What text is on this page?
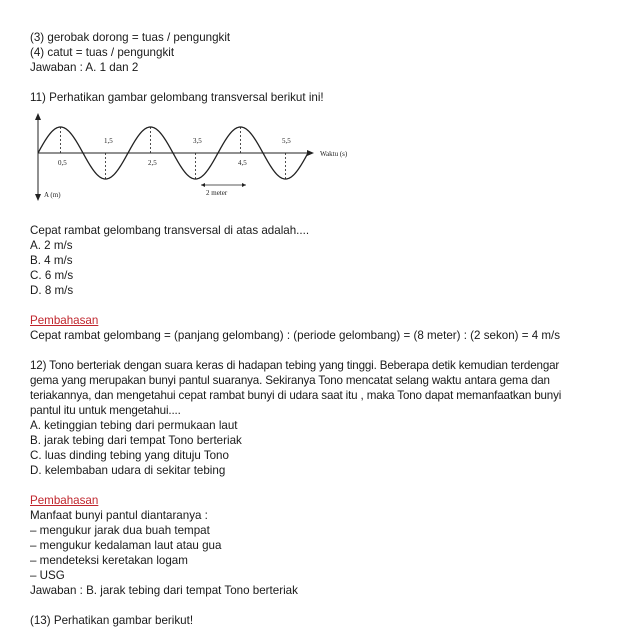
(3) gerobak dorong = tuas / pengungkit
(4) catut = tuas / pengungkit
Jawaban : A. 1 dan 2
11) Perhatikan gambar gelombang transversal berikut ini!
0,5
1,5
2,5
3,5
4,5
5,5
Waktu (s)
A (m)	2 meter
Cepat rambat gelombang transversal di atas adalah....
A. 2 m/s
B. 4 m/s
C. 6 m/s
D. 8 m/s
Pembahasan
Cepat rambat gelombang = (panjang gelombang) : (periode gelombang) = (8 meter) : (2 sekon) = 4 m/s
12) Tono berteriak dengan suara keras di hadapan tebing yang tinggi. Beberapa detik kemudian terdengar
gema yang merupakan bunyi pantul suaranya. Sekiranya Tono mencatat selang waktu antara gema dan
teriakannya, dan mengetahui cepat rambat bunyi di udara saat itu , maka Tono dapat memanfaatkan bunyi
pantul itu untuk mengetahui....
A. ketinggian tebing dari permukaan laut
B. jarak tebing dari tempat Tono berteriak
C. luas dinding tebing yang dituju Tono
D. kelembaban udara di sekitar tebing
Pembahasan
Manfaat bunyi pantul diantaranya :
– mengukur jarak dua buah tempat
– mengukur kedalaman laut atau gua
– mendeteksi keretakan logam
– USG
Jawaban : B. jarak tebing dari tempat Tono berteriak
(13) Perhatikan gambar berikut!
